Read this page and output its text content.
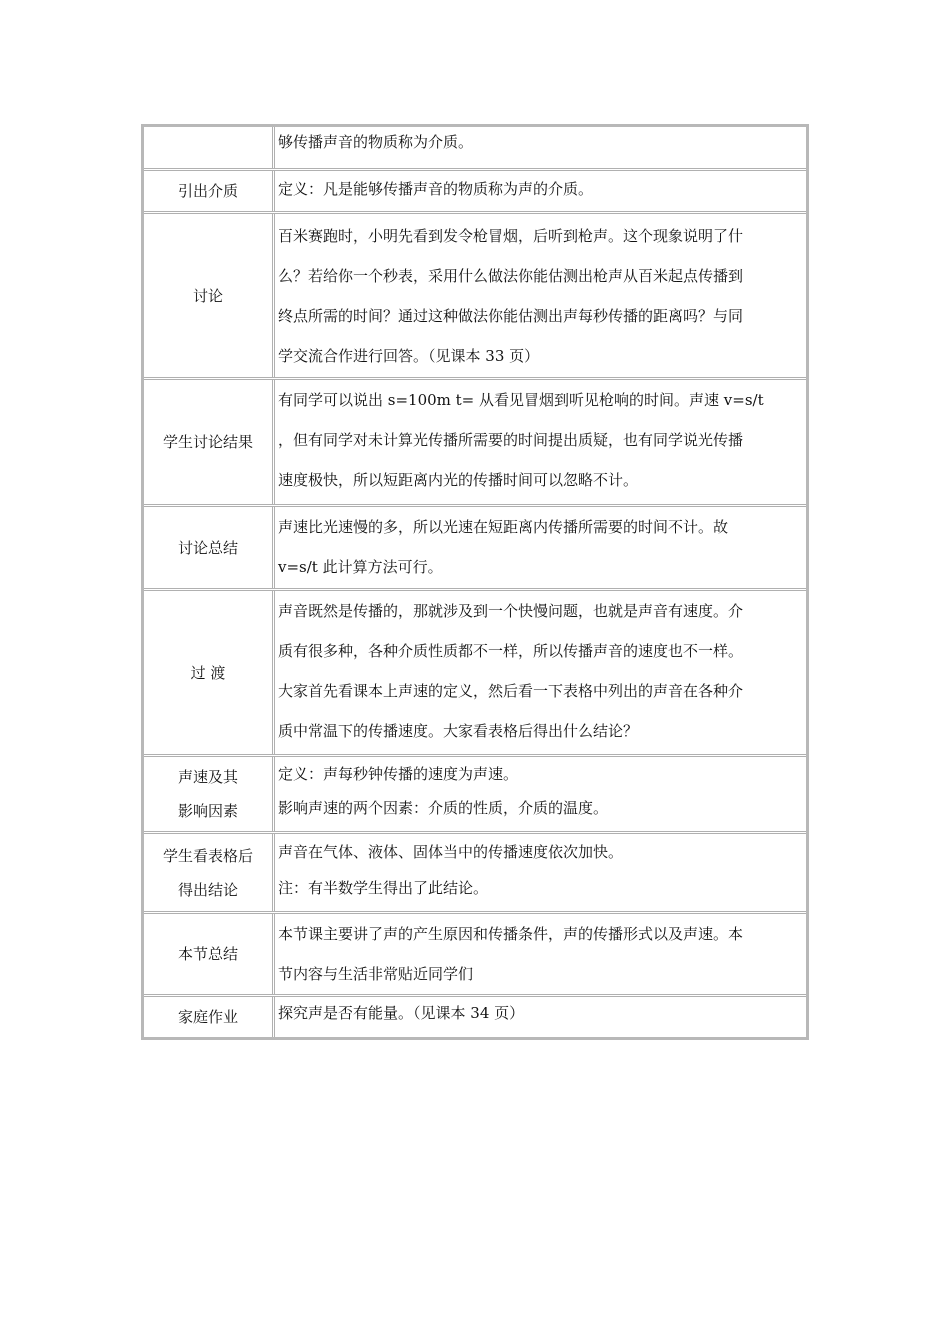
够传播声音的物质称为介质。

引出介质	定义：凡是能够传播声音的物质称为声的介质。

讨论

百米赛跑时，小明先看到发令枪冒烟，后听到枪声。这个现象说明了什

么？若给你一个秒表，采用什么做法你能估测出枪声从百米起点传播到

终点所需的时间？通过这种做法你能估测出声每秒传播的距离吗？与同

学交流合作进行回答。（见课本 33 页）

学生讨论结果

有同学可以说出 s=100m t= 从看见冒烟到听见枪响的时间。声速 v=s/t

，但有同学对未计算光传播所需要的时间提出质疑，也有同学说光传播

速度极快，所以短距离内光的传播时间可以忽略不计。

讨论总结

声速比光速慢的多，所以光速在短距离内传播所需要的时间不计。故

v=s/t 此计算方法可行。

过 渡

声音既然是传播的，那就涉及到一个快慢问题，也就是声音有速度。介

质有很多种，各种介质性质都不一样，所以传播声音的速度也不一样。

大家首先看课本上声速的定义，然后看一下表格中列出的声音在各种介

质中常温下的传播速度。大家看表格后得出什么结论？

声速及其
影响因素

定义：声每秒钟传播的速度为声速。

影响声速的两个因素：介质的性质，介质的温度。

学生看表格后
得出结论

声音在气体、液体、固体当中的传播速度依次加快。

注：有半数学生得出了此结论。

本节总结

本节课主要讲了声的产生原因和传播条件，声的传播形式以及声速。本

节内容与生活非常贴近同学们

家庭作业	探究声是否有能量。（见课本 34 页）
